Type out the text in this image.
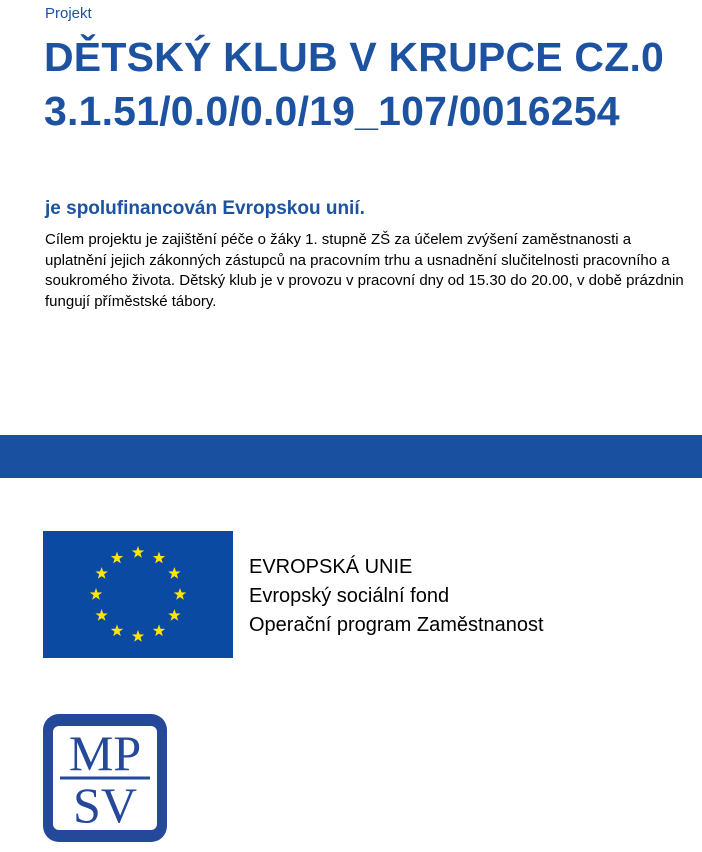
Projekt
DĚTSKÝ KLUB V KRUPCE CZ.03.1.51/0.0/0.0/19_107/0016254
je spolufinancován Evropskou unií.
Cílem projektu je zajištění péče o žáky 1. stupně ZŠ za účelem zvýšení zaměstnanosti a uplatnění jejich zákonných zástupců na pracovním trhu a usnadnění slučitelnosti pracovního a soukromého života. Dětský klub je v provozu v pracovní dny od 15.30 do 20.00, v době prázdnin fungují příměstské tábory.
EVROPSKÁ UNIE
Evropský sociální fond
Operační program Zaměstnanost
MP
SV
